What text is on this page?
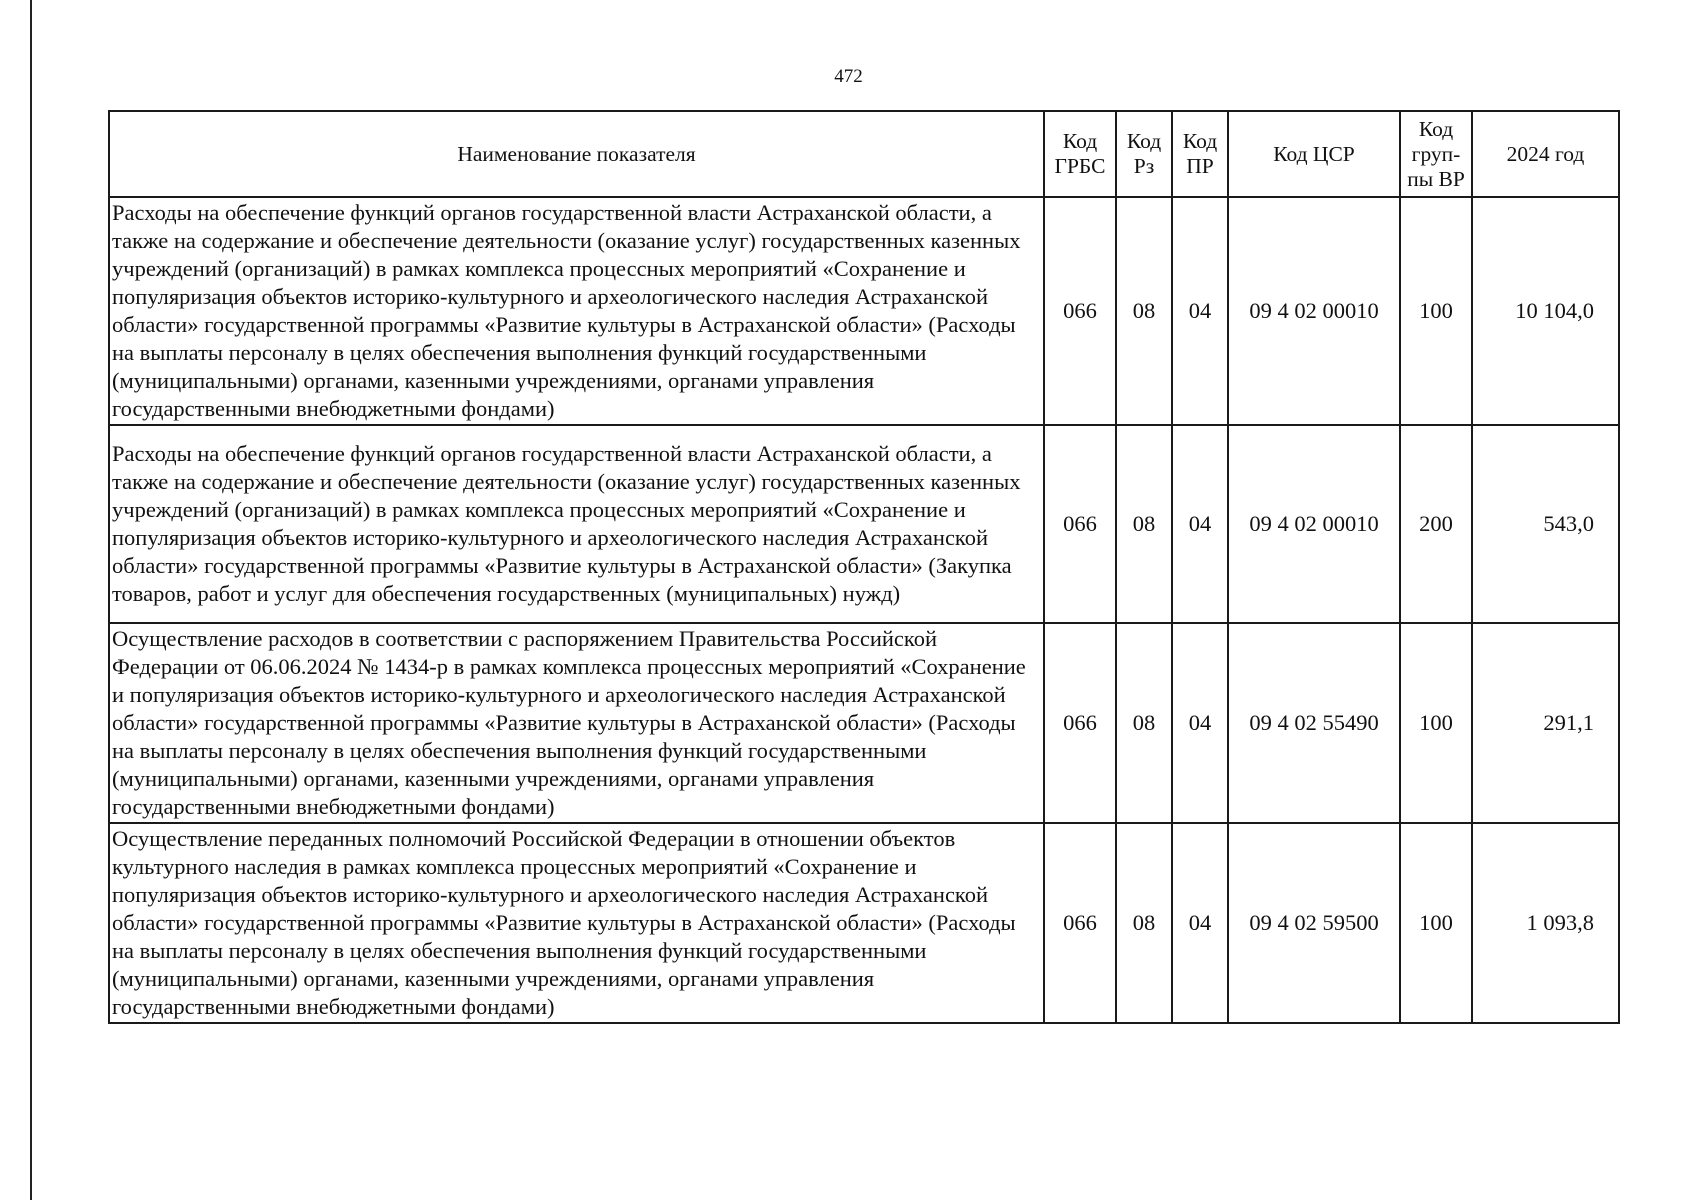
472
Наименование показателя	Код ГРБС	Код Рз	Код ПР	Код ЦСР	Код груп-пы ВР	2024 год
Расходы на обеспечение функций органов государственной власти Астраханской области, а также на содержание и обеспечение деятельности (оказание услуг) государственных казенных учреждений (организаций) в рамках комплекса процессных мероприятий «Сохранение и популяризация объектов историко-культурного и археологического наследия Астраханской области» государственной программы «Развитие культуры в Астраханской области» (Расходы на выплаты персоналу в целях обеспечения выполнения функций государственными (муниципальными) органами, казенными учреждениями, органами управления государственными внебюджетными фондами)	066	08	04	09 4 02 00010	100	10 104,0
Расходы на обеспечение функций органов государственной власти Астраханской области, а также на содержание и обеспечение деятельности (оказание услуг) государственных казенных учреждений (организаций) в рамках комплекса процессных мероприятий «Сохранение и популяризация объектов историко-культурного и археологического наследия Астраханской области» государственной программы «Развитие культуры в Астраханской области» (Закупка товаров, работ и услуг для обеспечения государственных (муниципальных) нужд)	066	08	04	09 4 02 00010	200	543,0
Осуществление расходов в соответствии с распоряжением Правительства Российской Федерации от 06.06.2024 № 1434-р в рамках комплекса процессных мероприятий «Сохранение и популяризация объектов историко-культурного и археологического наследия Астраханской области» государственной программы «Развитие культуры в Астраханской области» (Расходы на выплаты персоналу в целях обеспечения выполнения функций государственными (муниципальными) органами, казенными учреждениями, органами управления государственными внебюджетными фондами)	066	08	04	09 4 02 55490	100	291,1
Осуществление переданных полномочий Российской Федерации в отношении объектов культурного наследия в рамках комплекса процессных мероприятий «Сохранение и популяризация объектов историко-культурного и археологического наследия Астраханской области» государственной программы «Развитие культуры в Астраханской области» (Расходы на выплаты персоналу в целях обеспечения выполнения функций государственными (муниципальными) органами, казенными учреждениями, органами управления государственными внебюджетными фондами)	066	08	04	09 4 02 59500	100	1 093,8
